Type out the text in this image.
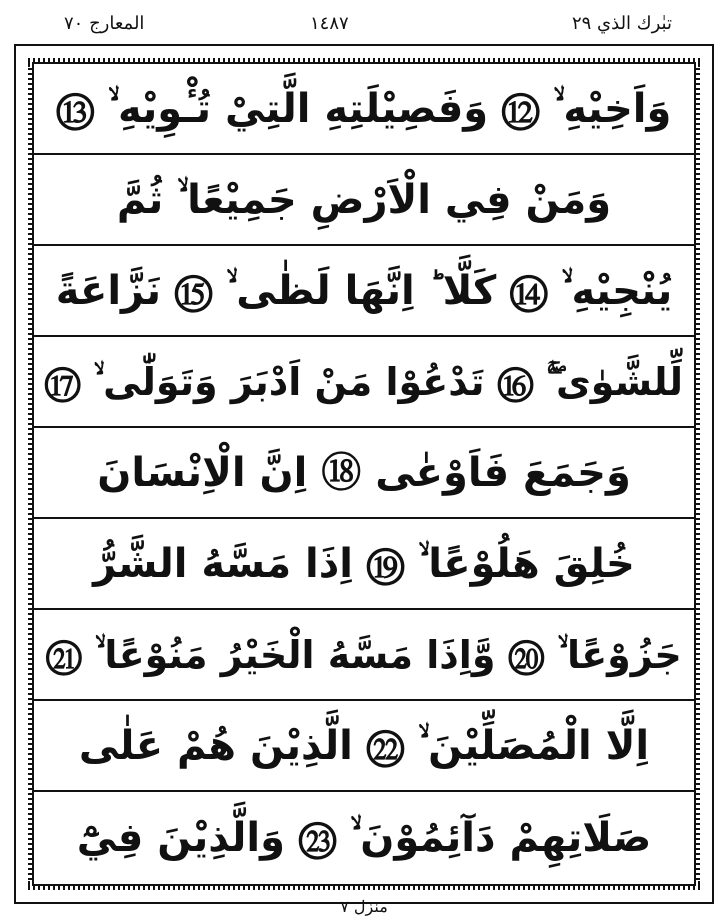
المعارج ٧٠	١٤٨٧	تبٰرك الذي ٢٩
وَاَخِيْهِ ۙ ⑫ وَفَصِيْلَتِهِ الَّتِيْ تُـْٔوِيْهِ ۙ ⑬
وَمَنْ فِي الْاَرْضِ جَمِيْعًا ۙ ثُمَّ
يُنْجِيْهِ ۙ ⑭ كَلَّا ؕ اِنَّهَا لَظٰى ۙ ⑮ نَزَّاعَةً
لِّلشَّوٰى ۚۖ ⑯ تَدْعُوْا مَنْ اَدْبَرَ وَتَوَلّٰى ۙ ⑰
وَجَمَعَ فَاَوْعٰى ⑱ اِنَّ الْاِنْسَانَ
خُلِقَ هَلُوْعًا ۙ ⑲ اِذَا مَسَّهُ الشَّرُّ
جَزُوْعًا ۙ ⑳ وَّاِذَا مَسَّهُ الْخَيْرُ مَنُوْعًا ۙ ㉑
اِلَّا الْمُصَلِّيْنَ ۙ ㉒ الَّذِيْنَ هُمْ عَلٰى
صَلَاتِهِمْ دَآئِمُوْنَ ۙ ㉓ وَالَّذِيْنَ فِيْٓ
منزل ٧
